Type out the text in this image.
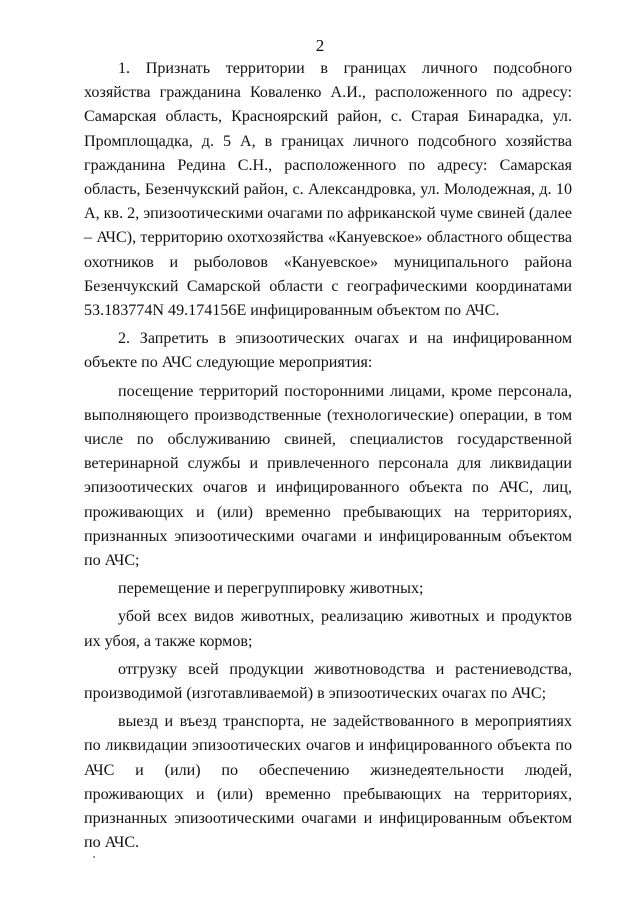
2

1. Признать территории в границах личного подсобного хозяйства гражданина Коваленко А.И., расположенного по адресу: Самарская область, Красноярский район, с. Старая Бинарадка, ул. Промплощадка, д. 5 А, в границах личного подсобного хозяйства гражданина Редина С.Н., расположенного по адресу: Самарская область, Безенчукский район, с. Александровка, ул. Молодежная, д. 10 А, кв. 2, эпизоотическими очагами по африканской чуме свиней (далее – АЧС), территорию охотхозяйства «Кануевское» областного общества охотников и рыболовов «Кануевское» муниципального района Безенчукский Самарской области с географическими координатами 53.183774N 49.174156E инфицированным объектом по АЧС.

2. Запретить в эпизоотических очагах и на инфицированном объекте по АЧС следующие мероприятия:

посещение территорий посторонними лицами, кроме персонала, выполняющего производственные (технологические) операции, в том числе по обслуживанию свиней, специалистов государственной ветеринарной службы и привлеченного персонала для ликвидации эпизоотических очагов и инфицированного объекта по АЧС, лиц, проживающих и (или) временно пребывающих на территориях, признанных эпизоотическими очагами и инфицированным объектом по АЧС;

перемещение и перегруппировку животных;

убой всех видов животных, реализацию животных и продуктов их убоя, а также кормов;

отгрузку всей продукции животноводства и растениеводства, производимой (изготавливаемой) в эпизоотических очагах по АЧС;

выезд и въезд транспорта, не задействованного в мероприятиях по ликвидации эпизоотических очагов и инфицированного объекта по АЧС и (или) по обеспечению жизнедеятельности людей, проживающих и (или) временно пребывающих на территориях, признанных эпизоотическими очагами и инфицированным объектом по АЧС.
